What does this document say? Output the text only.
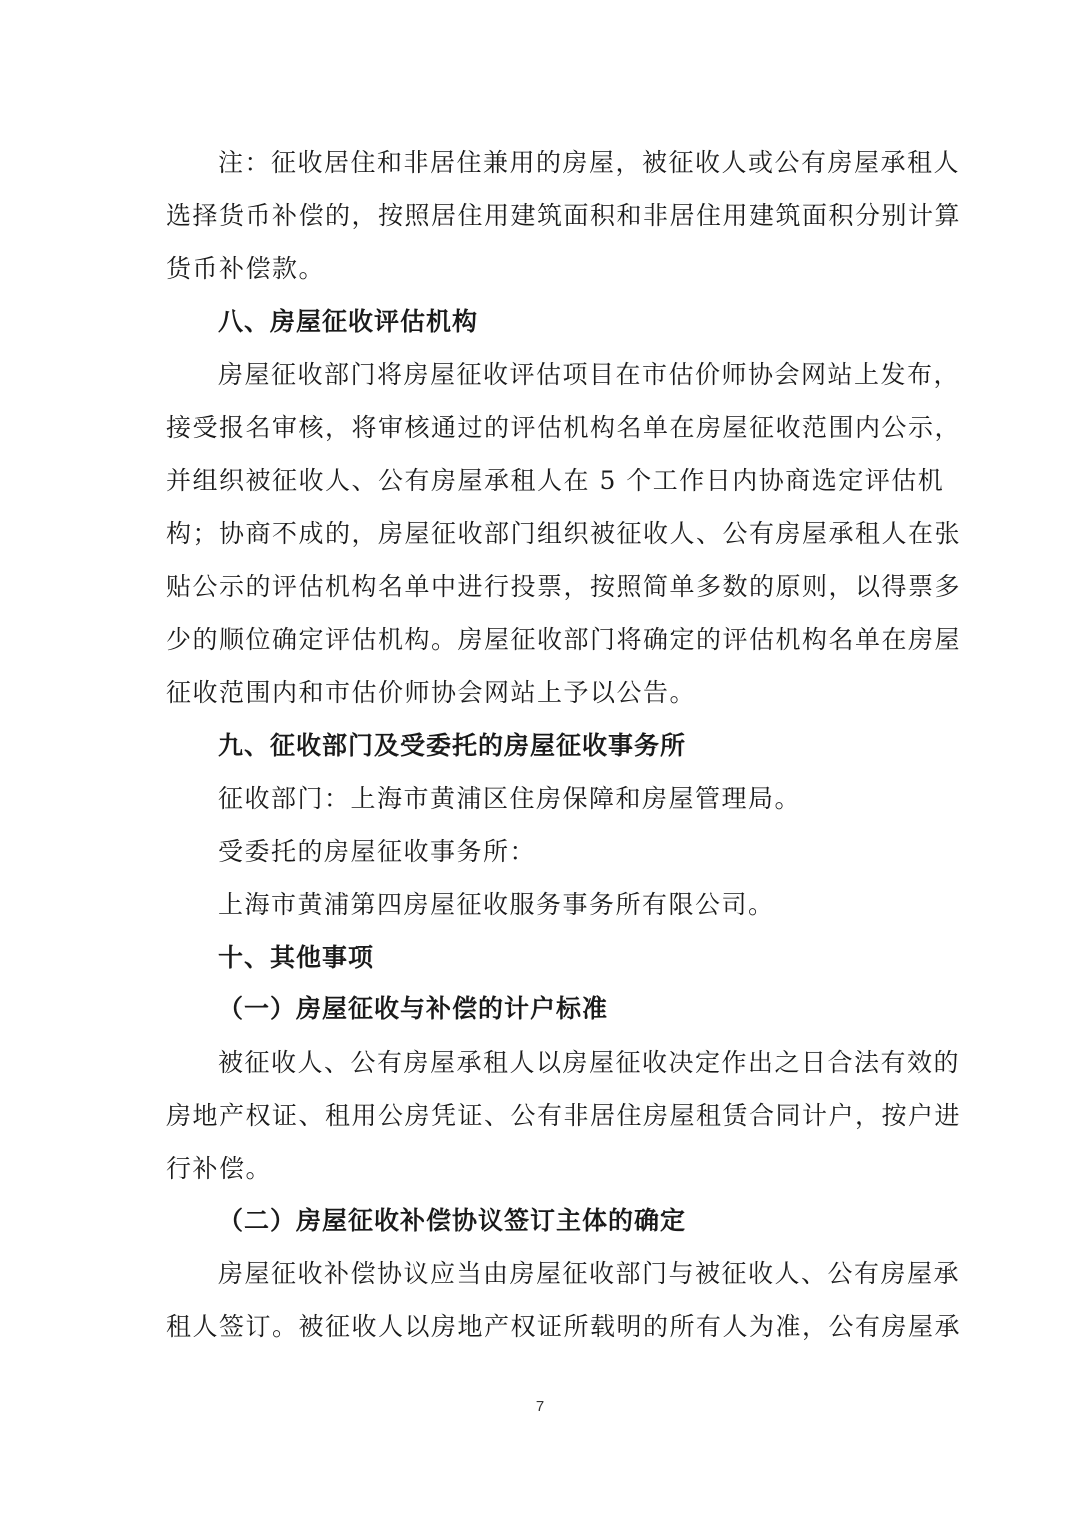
注：征收居住和非居住兼用的房屋，被征收人或公有房屋承租人
选择货币补偿的，按照居住用建筑面积和非居住用建筑面积分别计算
货币补偿款。
八、房屋征收评估机构
房屋征收部门将房屋征收评估项目在市估价师协会网站上发布，
接受报名审核，将审核通过的评估机构名单在房屋征收范围内公示，
并组织被征收人、公有房屋承租人在 5 个工作日内协商选定评估机
构；协商不成的，房屋征收部门组织被征收人、公有房屋承租人在张
贴公示的评估机构名单中进行投票，按照简单多数的原则，以得票多
少的顺位确定评估机构。房屋征收部门将确定的评估机构名单在房屋
征收范围内和市估价师协会网站上予以公告。
九、征收部门及受委托的房屋征收事务所
征收部门：上海市黄浦区住房保障和房屋管理局。
受委托的房屋征收事务所：
上海市黄浦第四房屋征收服务事务所有限公司。
十、其他事项
（一）房屋征收与补偿的计户标准
被征收人、公有房屋承租人以房屋征收决定作出之日合法有效的
房地产权证、租用公房凭证、公有非居住房屋租赁合同计户，按户进
行补偿。
（二）房屋征收补偿协议签订主体的确定
房屋征收补偿协议应当由房屋征收部门与被征收人、公有房屋承
租人签订。被征收人以房地产权证所载明的所有人为准，公有房屋承
7
